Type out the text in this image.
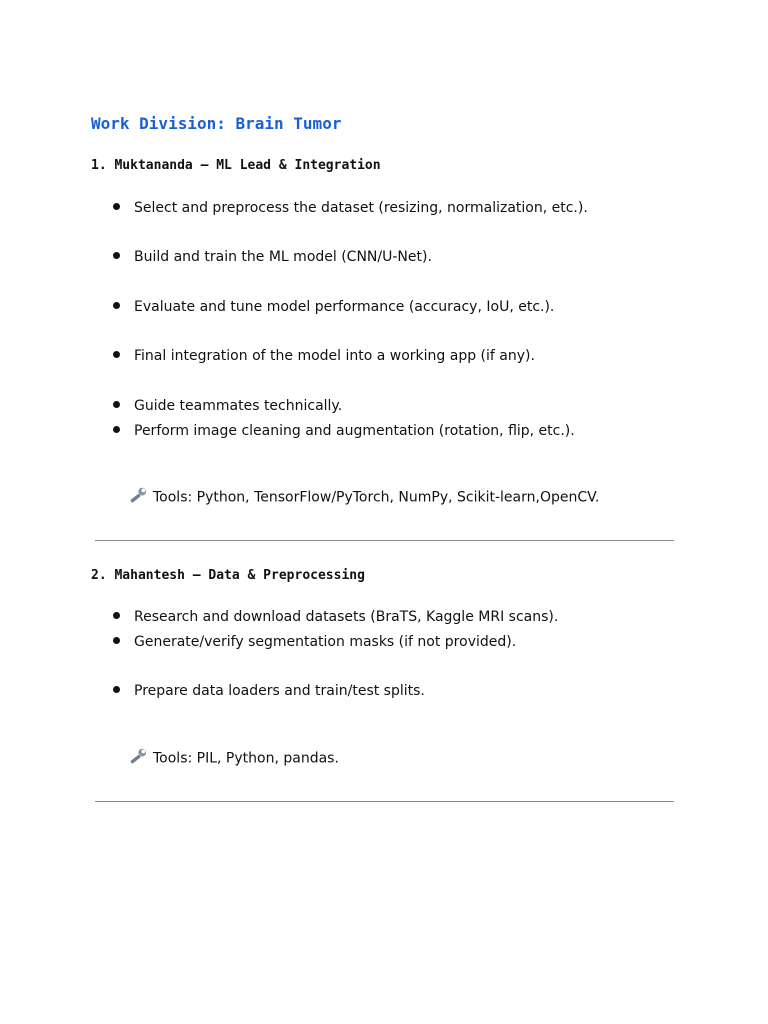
Work Division: Brain Tumor
1. Muktananda – ML Lead & Integration
Select and preprocess the dataset (resizing, normalization, etc.).
Build and train the ML model (CNN/U-Net).
Evaluate and tune model performance (accuracy, IoU, etc.).
Final integration of the model into a working app (if any).
Guide teammates technically.
Perform image cleaning and augmentation (rotation, flip, etc.).
Tools: Python, TensorFlow/PyTorch, NumPy, Scikit-learn,OpenCV.
2. Mahantesh – Data & Preprocessing
Research and download datasets (BraTS, Kaggle MRI scans).
Generate/verify segmentation masks (if not provided).
Prepare data loaders and train/test splits.
Tools: PIL, Python, pandas.
